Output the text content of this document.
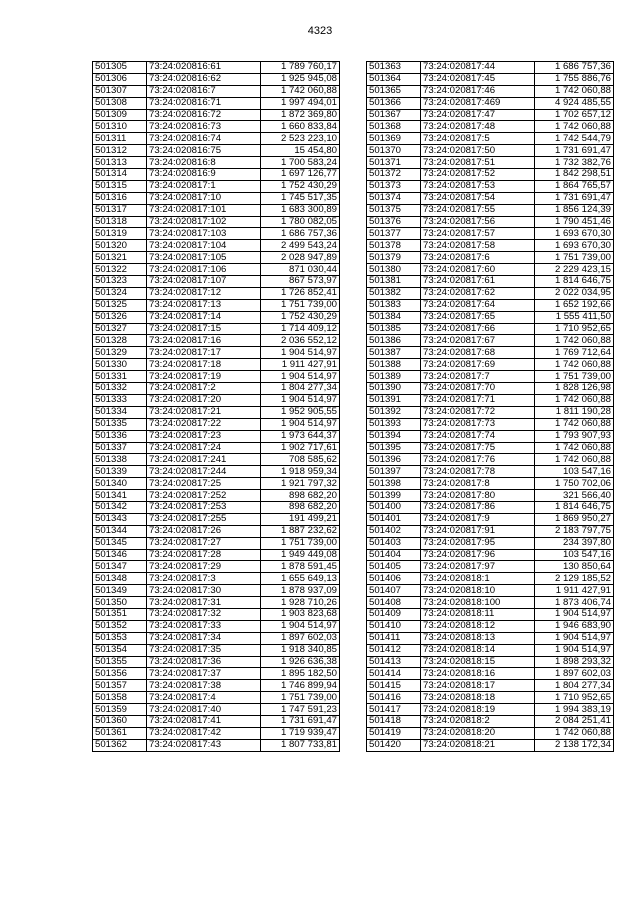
4323
501305	73:24:020816:61	1 789 760,17
501306	73:24:020816:62	1 925 945,08
501307	73:24:020816:7	1 742 060,88
501308	73:24:020816:71	1 997 494,01
501309	73:24:020816:72	1 872 369,80
501310	73:24:020816:73	1 660 833,84
501311	73:24:020816:74	2 523 223,10
501312	73:24:020816:75	15 454,80
501313	73:24:020816:8	1 700 583,24
501314	73:24:020816:9	1 697 126,77
501315	73:24:020817:1	1 752 430,29
501316	73:24:020817:10	1 745 517,35
501317	73:24:020817:101	1 683 300,89
501318	73:24:020817:102	1 780 082,05
501319	73:24:020817:103	1 686 757,36
501320	73:24:020817:104	2 499 543,24
501321	73:24:020817:105	2 028 947,89
501322	73:24:020817:106	871 030,44
501323	73:24:020817:107	867 573,97
501324	73:24:020817:12	1 726 852,41
501325	73:24:020817:13	1 751 739,00
501326	73:24:020817:14	1 752 430,29
501327	73:24:020817:15	1 714 409,12
501328	73:24:020817:16	2 036 552,12
501329	73:24:020817:17	1 904 514,97
501330	73:24:020817:18	1 911 427,91
501331	73:24:020817:19	1 904 514,97
501332	73:24:020817:2	1 804 277,34
501333	73:24:020817:20	1 904 514,97
501334	73:24:020817:21	1 952 905,55
501335	73:24:020817:22	1 904 514,97
501336	73:24:020817:23	1 973 644,37
501337	73:24:020817:24	1 902 717,61
501338	73:24:020817:241	708 585,62
501339	73:24:020817:244	1 918 959,34
501340	73:24:020817:25	1 921 797,32
501341	73:24:020817:252	898 682,20
501342	73:24:020817:253	898 682,20
501343	73:24:020817:255	191 499,21
501344	73:24:020817:26	1 887 232,62
501345	73:24:020817:27	1 751 739,00
501346	73:24:020817:28	1 949 449,08
501347	73:24:020817:29	1 878 591,45
501348	73:24:020817:3	1 655 649,13
501349	73:24:020817:30	1 878 937,09
501350	73:24:020817:31	1 928 710,26
501351	73:24:020817:32	1 903 823,68
501352	73:24:020817:33	1 904 514,97
501353	73:24:020817:34	1 897 602,03
501354	73:24:020817:35	1 918 340,85
501355	73:24:020817:36	1 926 636,38
501356	73:24:020817:37	1 895 182,50
501357	73:24:020817:38	1 746 899,94
501358	73:24:020817:4	1 751 739,00
501359	73:24:020817:40	1 747 591,23
501360	73:24:020817:41	1 731 691,47
501361	73:24:020817:42	1 719 939,47
501362	73:24:020817:43	1 807 733,81
501363	73:24:020817:44	1 686 757,36
501364	73:24:020817:45	1 755 886,76
501365	73:24:020817:46	1 742 060,88
501366	73:24:020817:469	4 924 485,55
501367	73:24:020817:47	1 702 657,12
501368	73:24:020817:48	1 742 060,88
501369	73:24:020817:5	1 742 544,79
501370	73:24:020817:50	1 731 691,47
501371	73:24:020817:51	1 732 382,76
501372	73:24:020817:52	1 842 298,51
501373	73:24:020817:53	1 864 765,57
501374	73:24:020817:54	1 731 691,47
501375	73:24:020817:55	1 856 124,39
501376	73:24:020817:56	1 790 451,46
501377	73:24:020817:57	1 693 670,30
501378	73:24:020817:58	1 693 670,30
501379	73:24:020817:6	1 751 739,00
501380	73:24:020817:60	2 229 423,15
501381	73:24:020817:61	1 814 646,75
501382	73:24:020817:62	2 022 034,95
501383	73:24:020817:64	1 652 192,66
501384	73:24:020817:65	1 555 411,50
501385	73:24:020817:66	1 710 952,65
501386	73:24:020817:67	1 742 060,88
501387	73:24:020817:68	1 769 712,64
501388	73:24:020817:69	1 742 060,88
501389	73:24:020817:7	1 751 739,00
501390	73:24:020817:70	1 828 126,98
501391	73:24:020817:71	1 742 060,88
501392	73:24:020817:72	1 811 190,28
501393	73:24:020817:73	1 742 060,88
501394	73:24:020817:74	1 793 907,93
501395	73:24:020817:75	1 742 060,88
501396	73:24:020817:76	1 742 060,88
501397	73:24:020817:78	103 547,16
501398	73:24:020817:8	1 750 702,06
501399	73:24:020817:80	321 566,40
501400	73:24:020817:86	1 814 646,75
501401	73:24:020817:9	1 869 950,27
501402	73:24:020817:91	2 183 797,75
501403	73:24:020817:95	234 397,80
501404	73:24:020817:96	103 547,16
501405	73:24:020817:97	130 850,64
501406	73:24:020818:1	2 129 185,52
501407	73:24:020818:10	1 911 427,91
501408	73:24:020818:100	1 873 406,74
501409	73:24:020818:11	1 904 514,97
501410	73:24:020818:12	1 946 683,90
501411	73:24:020818:13	1 904 514,97
501412	73:24:020818:14	1 904 514,97
501413	73:24:020818:15	1 898 293,32
501414	73:24:020818:16	1 897 602,03
501415	73:24:020818:17	1 804 277,34
501416	73:24:020818:18	1 710 952,65
501417	73:24:020818:19	1 994 383,19
501418	73:24:020818:2	2 084 251,41
501419	73:24:020818:20	1 742 060,88
501420	73:24:020818:21	2 138 172,34
